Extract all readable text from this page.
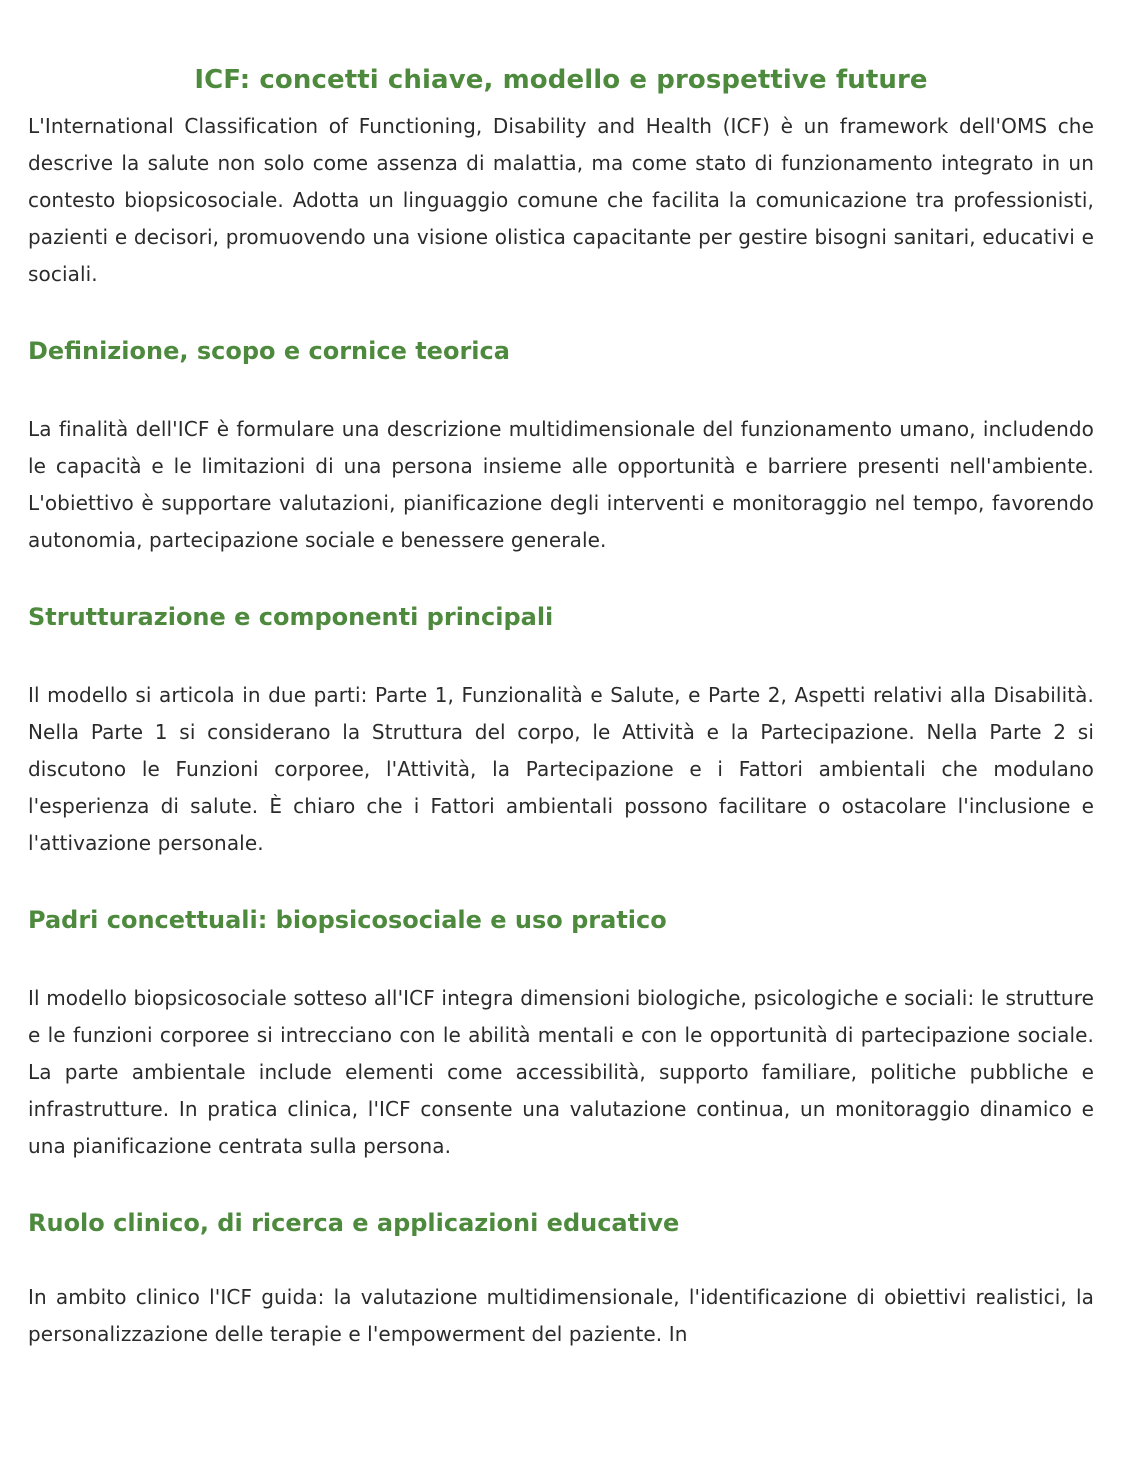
ICF: concetti chiave, modello e prospettive future

L'International Classification of Functioning, Disability and Health (ICF) è un framework dell'OMS che descrive la salute non solo come assenza di malattia, ma come stato di funzionamento integrato in un contesto biopsicosociale. Adotta un linguaggio comune che facilita la comunicazione tra professionisti, pazienti e decisori, promuovendo una visione olistica capacitante per gestire bisogni sanitari, educativi e sociali.

Definizione, scopo e cornice teorica

La finalità dell'ICF è formulare una descrizione multidimensionale del funzionamento umano, includendo le capacità e le limitazioni di una persona insieme alle opportunità e barriere presenti nell'ambiente. L'obiettivo è supportare valutazioni, pianificazione degli interventi e monitoraggio nel tempo, favorendo autonomia, partecipazione sociale e benessere generale.

Strutturazione e componenti principali

Il modello si articola in due parti: Parte 1, Funzionalità e Salute, e Parte 2, Aspetti relativi alla Disabilità. Nella Parte 1 si considerano la Struttura del corpo, le Attività e la Partecipazione. Nella Parte 2 si discutono le Funzioni corporee, l'Attività, la Partecipazione e i Fattori ambientali che modulano l'esperienza di salute. È chiaro che i Fattori ambientali possono facilitare o ostacolare l'inclusione e l'attivazione personale.

Padri concettuali: biopsicosociale e uso pratico

Il modello biopsicosociale sotteso all'ICF integra dimensioni biologiche, psicologiche e sociali: le strutture e le funzioni corporee si intrecciano con le abilità mentali e con le opportunità di partecipazione sociale. La parte ambientale include elementi come accessibilità, supporto familiare, politiche pubbliche e infrastrutture. In pratica clinica, l'ICF consente una valutazione continua, un monitoraggio dinamico e una pianificazione centrata sulla persona.

Ruolo clinico, di ricerca e applicazioni educative

In ambito clinico l'ICF guida: la valutazione multidimensionale, l'identificazione di obiettivi realistici, la personalizzazione delle terapie e l'empowerment del paziente. In
